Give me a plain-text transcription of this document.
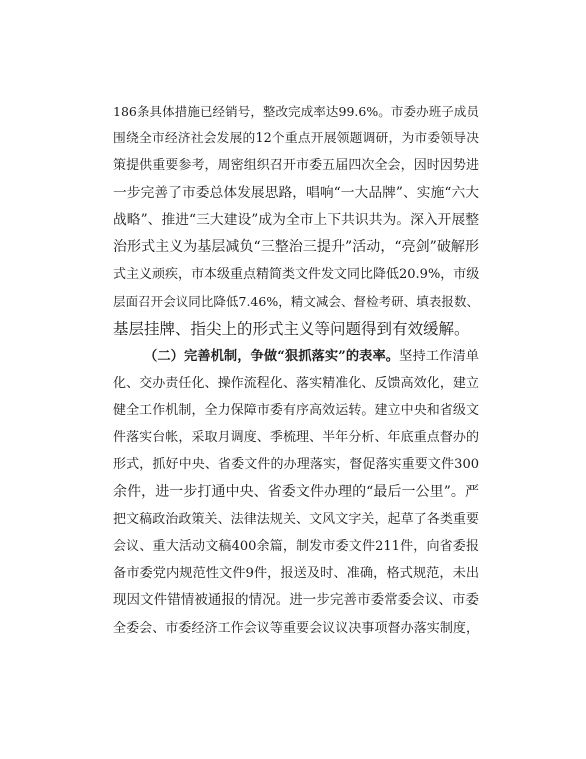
186条具体措施已经销号，整改完成率达99.6%。市委办班子成员
围绕全市经济社会发展的12个重点开展领题调研，为市委领导决
策提供重要参考，周密组织召开市委五届四次全会，因时因势进
一步完善了市委总体发展思路，唱响“一大品牌”、实施“六大
战略”、推进“三大建设”成为全市上下共识共为。深入开展整
治形式主义为基层减负“三整治三提升”活动，“亮剑”破解形
式主义顽疾，市本级重点精简类文件发文同比降低20.9%，市级
层面召开会议同比降低7.46%，精文减会、督检考研、填表报数、
基层挂牌、指尖上的形式主义等问题得到有效缓解。
（二）完善机制，争做“狠抓落实”的表率。坚持工作清单
化、交办责任化、操作流程化、落实精准化、反馈高效化，建立
健全工作机制，全力保障市委有序高效运转。建立中央和省级文
件落实台帐，采取月调度、季梳理、半年分析、年底重点督办的
形式，抓好中央、省委文件的办理落实，督促落实重要文件300
余件，进一步打通中央、省委文件办理的“最后一公里”。严
把文稿政治政策关、法律法规关、文风文字关，起草了各类重要
会议、重大活动文稿400余篇，制发市委文件211件，向省委报
备市委党内规范性文件9件，报送及时、准确，格式规范，未出
现因文件错情被通报的情况。进一步完善市委常委会议、市委
全委会、市委经济工作会议等重要会议议决事项督办落实制度，
